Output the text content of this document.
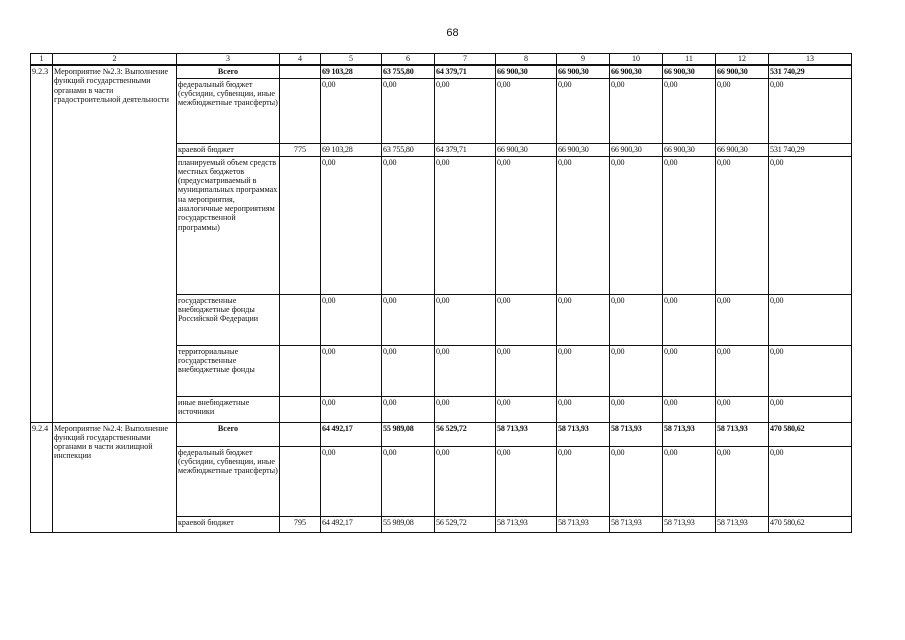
68
1	2	3	4	5	6	7	8	9	10	11	12	13
9.2.3	Мероприятие №2.3: Выполнение функций государственными органами в части градостроительной деятельности	Всего		69 103,28	63 755,80	64 379,71	66 900,30	66 900,30	66 900,30	66 900,30	66 900,30	531 740,29
		федеральный бюджет (субсидии, субвенции, иные межбюджетные трансферты)		0,00	0,00	0,00	0,00	0,00	0,00	0,00	0,00	0,00
		краевой бюджет	775	69 103,28	63 755,80	64 379,71	66 900,30	66 900,30	66 900,30	66 900,30	66 900,30	531 740,29
		планируемый объем средств местных бюджетов (предусматриваемый в муниципальных программах на мероприятия, аналогичные мероприятиям государственной программы)		0,00	0,00	0,00	0,00	0,00	0,00	0,00	0,00	0,00
		государственные внебюджетные фонды Российской Федерации		0,00	0,00	0,00	0,00	0,00	0,00	0,00	0,00	0,00
		территориальные государственные внебюджетные фонды		0,00	0,00	0,00	0,00	0,00	0,00	0,00	0,00	0,00
		иные внебюджетные источники		0,00	0,00	0,00	0,00	0,00	0,00	0,00	0,00	0,00
9.2.4	Мероприятие №2.4: Выполнение функций государственными органами в части жилищной инспекции	Всего		64 492,17	55 989,08	56 529,72	58 713,93	58 713,93	58 713,93	58 713,93	58 713,93	470 580,62
		федеральный бюджет (субсидии, субвенции, иные межбюджетные трансферты)		0,00	0,00	0,00	0,00	0,00	0,00	0,00	0,00	0,00
		краевой бюджет	795	64 492,17	55 989,08	56 529,72	58 713,93	58 713,93	58 713,93	58 713,93	58 713,93	470 580,62
